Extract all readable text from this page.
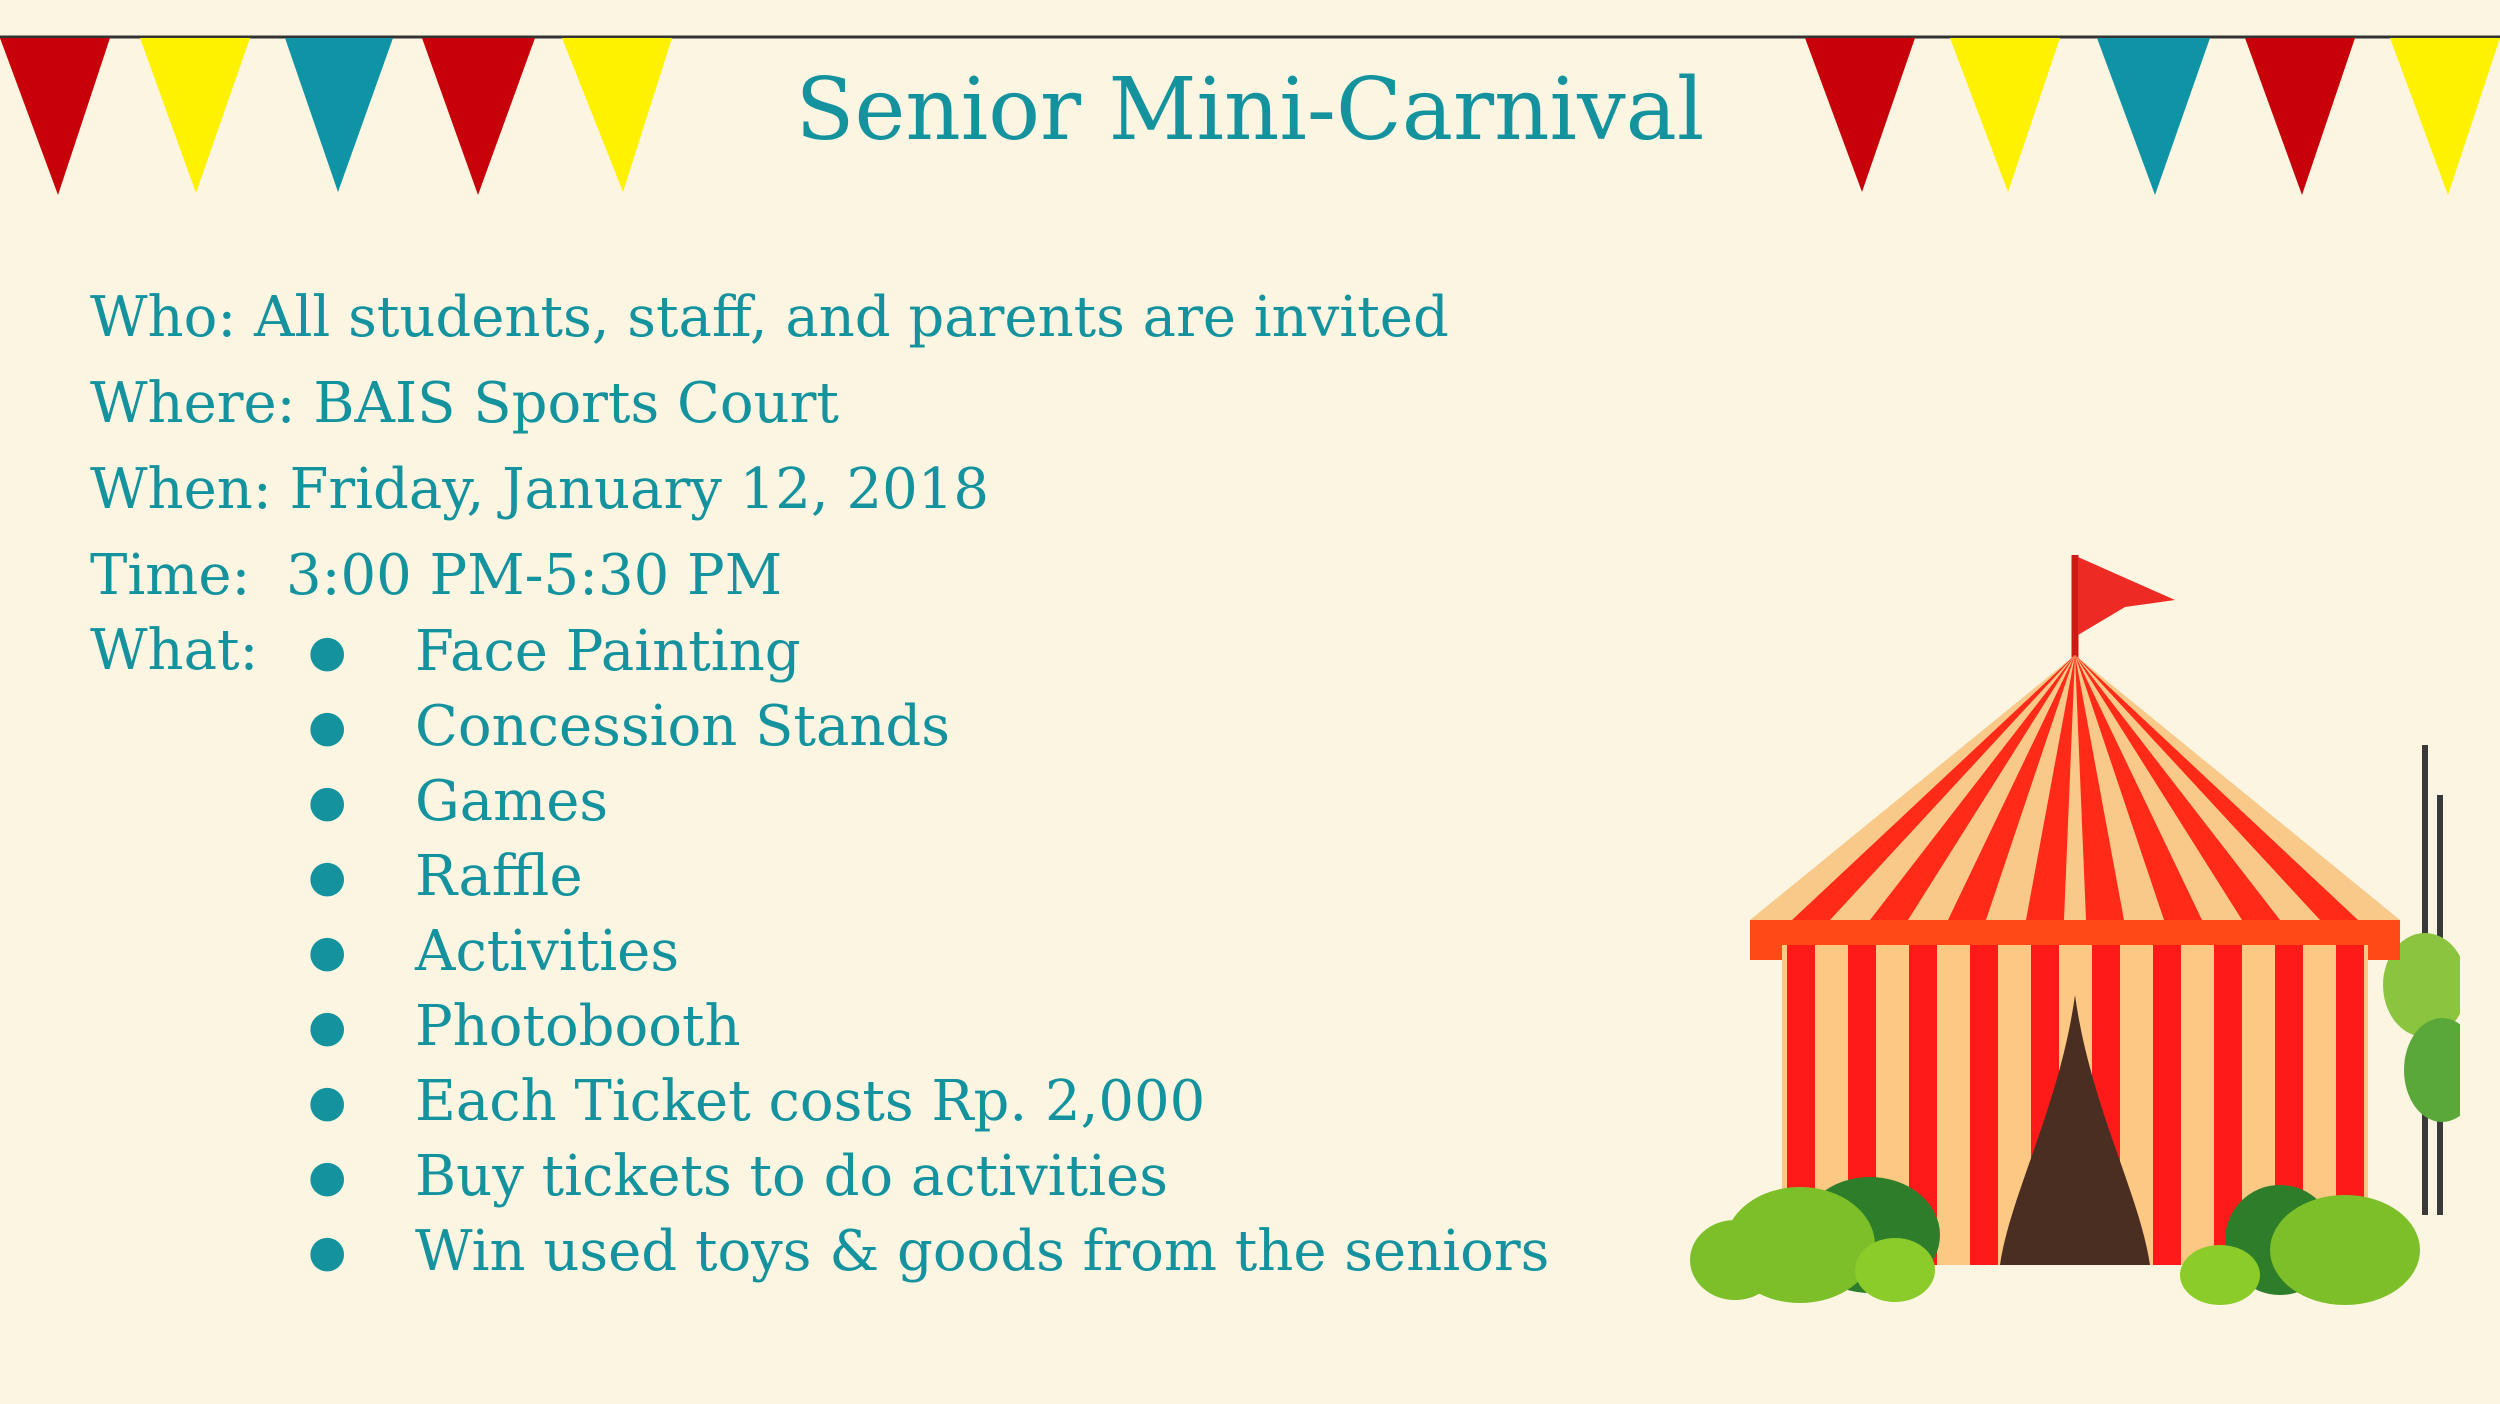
Senior Mini-Carnival
Who: All students, staff, and parents are invited
Where: BAIS Sports Court
When: Friday, January 12, 2018
Time:  3:00 PM-5:30 PM
What: ●	Face Painting
●	Concession Stands
●	Games
●	Raffle
●	Activities
●	Photobooth
●	Each Ticket costs Rp. 2,000
●	Buy tickets to do activities
●	Win used toys & goods from the seniors
